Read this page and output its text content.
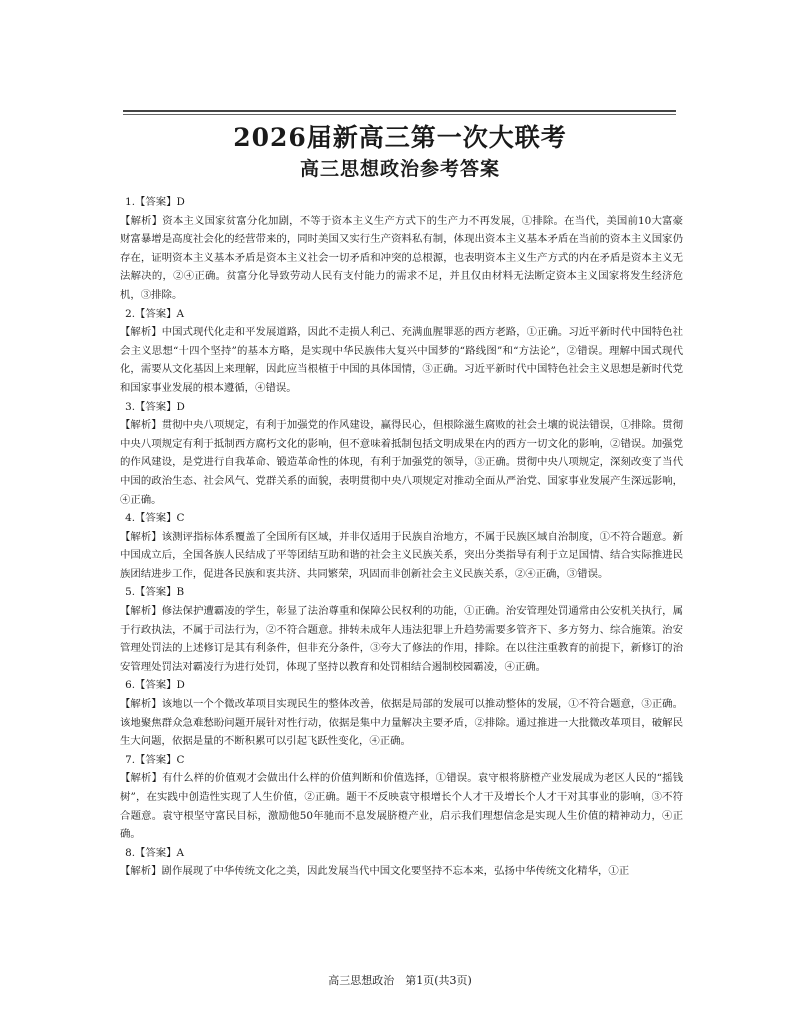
2026届新高三第一次大联考
高三思想政治参考答案

1.【答案】D

【解析】资本主义国家贫富分化加剧，不等于资本主义生产方式下的生产力不再发展，①排除。在当代，美国前10大富豪财富暴增是高度社会化的经营带来的，同时美国又实行生产资料私有制，体现出资本主义基本矛盾在当前的资本主义国家仍存在，证明资本主义基本矛盾是资本主义社会一切矛盾和冲突的总根源，也表明资本主义生产方式的内在矛盾是资本主义无法解决的，②④正确。贫富分化导致劳动人民有支付能力的需求不足，并且仅由材料无法断定资本主义国家将发生经济危机，③排除。

2.【答案】A

【解析】中国式现代化走和平发展道路，因此不走损人利己、充满血腥罪恶的西方老路，①正确。习近平新时代中国特色社会主义思想“十四个坚持”的基本方略，是实现中华民族伟大复兴中国梦的“路线图”和“方法论”，②错误。理解中国式现代化，需要从文化基因上来理解，因此应当根植于中国的具体国情，③正确。习近平新时代中国特色社会主义思想是新时代党和国家事业发展的根本遵循，④错误。

3.【答案】D

【解析】贯彻中央八项规定，有利于加强党的作风建设，赢得民心，但根除滋生腐败的社会土壤的说法错误，①排除。贯彻中央八项规定有利于抵制西方腐朽文化的影响，但不意味着抵制包括文明成果在内的西方一切文化的影响，②错误。加强党的作风建设，是党进行自我革命、锻造革命性的体现，有利于加强党的领导，③正确。贯彻中央八项规定，深刻改变了当代中国的政治生态、社会风气、党群关系的面貌，表明贯彻中央八项规定对推动全面从严治党、国家事业发展产生深远影响，④正确。

4.【答案】C

【解析】该测评指标体系覆盖了全国所有区域，并非仅适用于民族自治地方，不属于民族区域自治制度，①不符合题意。新中国成立后，全国各族人民结成了平等团结互助和谐的社会主义民族关系，突出分类指导有利于立足国情、结合实际推进民族团结进步工作，促进各民族和衷共济、共同繁荣，巩固而非创新社会主义民族关系，②④正确，③错误。

5.【答案】B

【解析】修法保护遭霸凌的学生，彰显了法治尊重和保障公民权利的功能，①正确。治安管理处罚通常由公安机关执行，属于行政执法，不属于司法行为，②不符合题意。排转未成年人违法犯罪上升趋势需要多管齐下、多方努力、综合施策。治安管理处罚法的上述修订是其有利条件，但非充分条件，③夸大了修法的作用，排除。在以往注重教育的前提下，新修订的治安管理处罚法对霸凌行为进行处罚，体现了坚持以教育和处罚相结合遏制校园霸凌，④正确。

6.【答案】D

【解析】该地以一个个微改革项目实现民生的整体改善，依据是局部的发展可以推动整体的发展，①不符合题意，③正确。该地聚焦群众急难愁盼问题开展针对性行动，依据是集中力量解决主要矛盾，②排除。通过推进一大批微改革项目，破解民生大问题，依据是量的不断积累可以引起飞跃性变化，④正确。

7.【答案】C

【解析】有什么样的价值观才会做出什么样的价值判断和价值选择，①错误。袁守根将脐橙产业发展成为老区人民的“摇钱树”，在实践中创造性实现了人生价值，②正确。题干不反映袁守根增长个人才干及增长个人才干对其事业的影响，③不符合题意。袁守根坚守富民目标，激励他50年驰而不息发展脐橙产业，启示我们理想信念是实现人生价值的精神动力，④正确。

8.【答案】A

【解析】剧作展现了中华传统文化之美，因此发展当代中国文化要坚持不忘本来，弘扬中华传统文化精华，①正

高三思想政治　第1页(共3页)
